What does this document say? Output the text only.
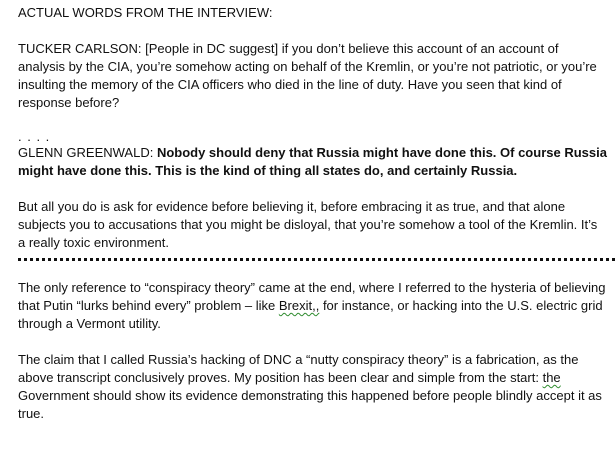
ACTUAL WORDS FROM THE INTERVIEW:

TUCKER CARLSON: [People in DC suggest] if you don’t believe this account of an account of analysis by the CIA, you’re somehow acting on behalf of the Kremlin, or you’re not patriotic, or you’re insulting the memory of the CIA officers who died in the line of duty. Have you seen that kind of response before?

. . . .

GLENN GREENWALD: Nobody should deny that Russia might have done this. Of course Russia might have done this. This is the kind of thing all states do, and certainly Russia.

But all you do is ask for evidence before believing it, before embracing it as true, and that alone subjects you to accusations that you might be disloyal, that you’re somehow a tool of the Kremlin. It’s a really toxic environment.

The only reference to “conspiracy theory” came at the end, where I referred to the hysteria of believing that Putin “lurks behind every” problem – like Brexit,, for instance, or hacking into the U.S. electric grid through a Vermont utility.

The claim that I called Russia’s hacking of DNC a “nutty conspiracy theory” is a fabrication, as the above transcript conclusively proves. My position has been clear and simple from the start: the Government should show its evidence demonstrating this happened before people blindly accept it as true.
